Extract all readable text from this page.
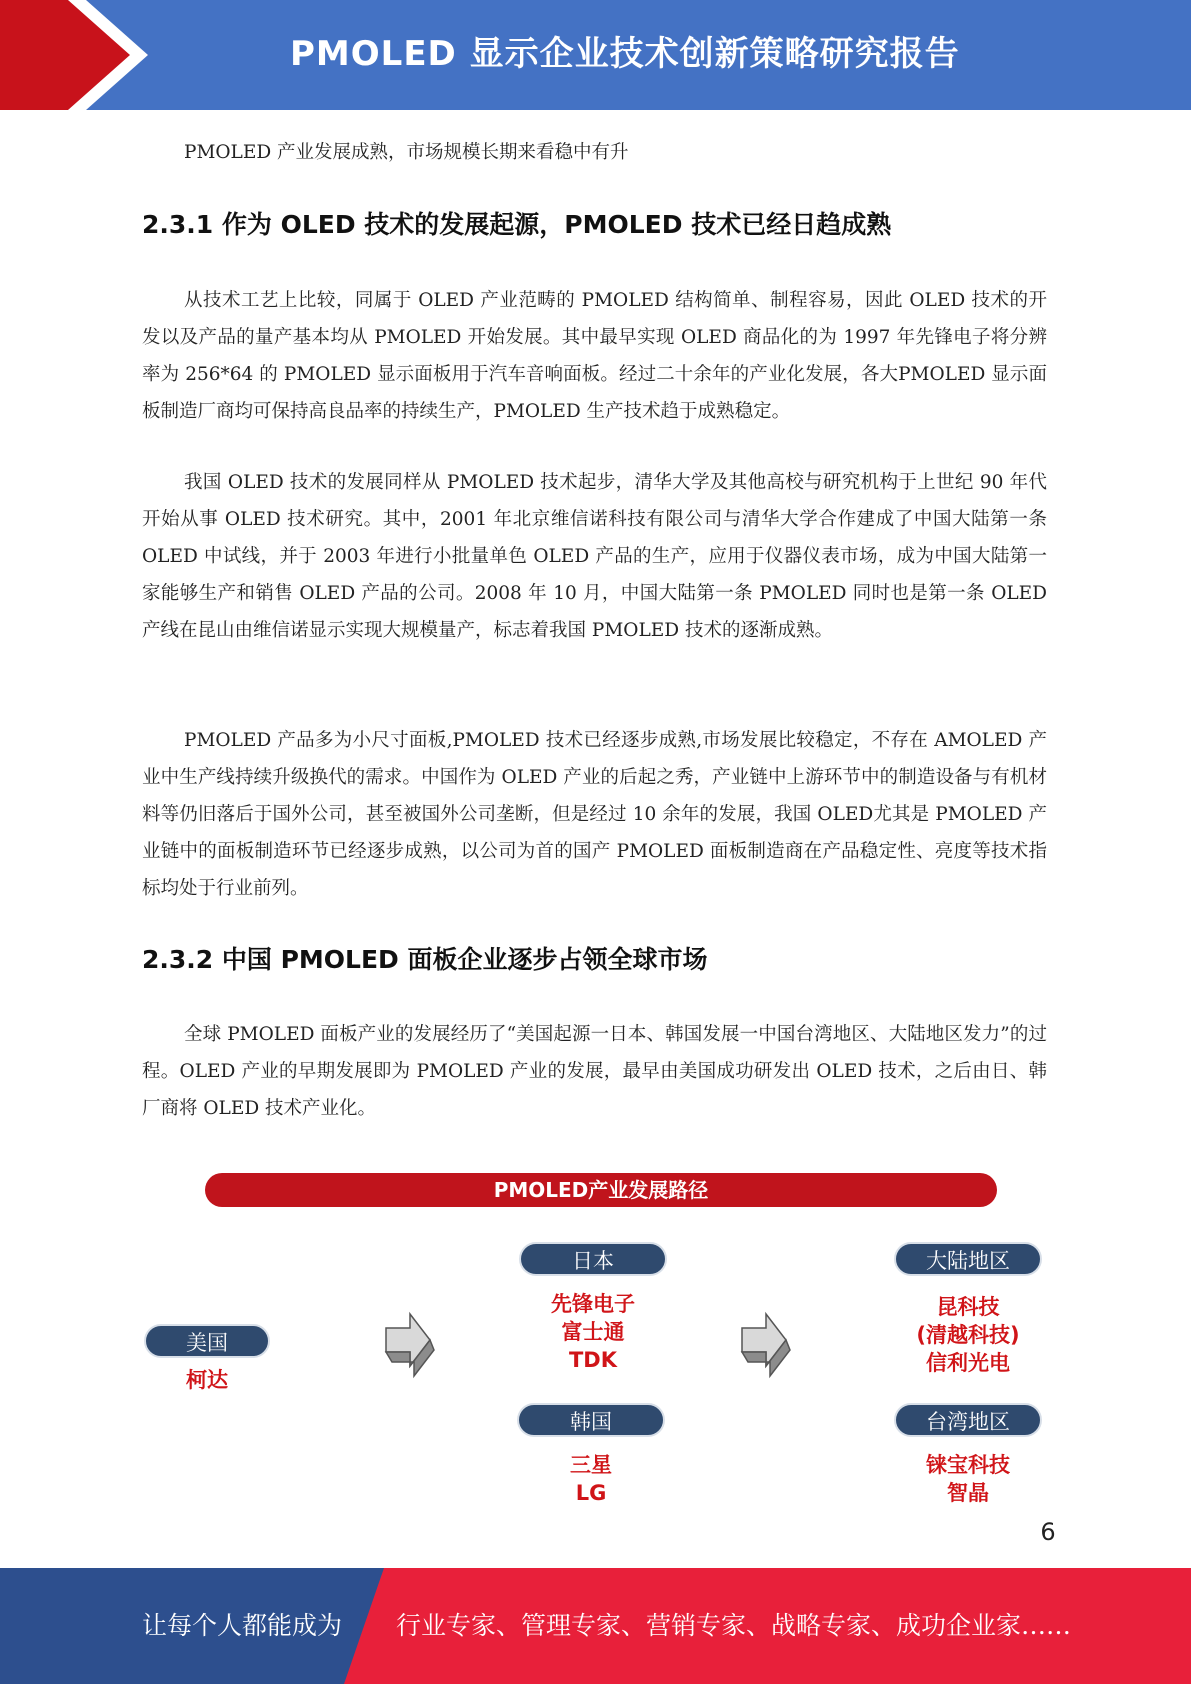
PMOLED 显示企业技术创新策略研究报告
PMOLED 产业发展成熟，市场规模长期来看稳中有升
2.3.1 作为 OLED 技术的发展起源，PMOLED 技术已经日趋成熟
从技术工艺上比较，同属于 OLED 产业范畴的 PMOLED 结构简单、制程容易，因此 OLED 技术的开发以及产品的量产基本均从 PMOLED 开始发展。其中最早实现 OLED 商品化的为 1997 年先锋电子将分辨率为 256*64 的 PMOLED 显示面板用于汽车音响面板。经过二十余年的产业化发展，各大PMOLED 显示面板制造厂商均可保持高良品率的持续生产，PMOLED 生产技术趋于成熟稳定。
我国 OLED 技术的发展同样从 PMOLED 技术起步，清华大学及其他高校与研究机构于上世纪 90 年代开始从事 OLED 技术研究。其中，2001 年北京维信诺科技有限公司与清华大学合作建成了中国大陆第一条 OLED 中试线，并于 2003 年进行小批量单色 OLED 产品的生产，应用于仪器仪表市场，成为中国大陆第一家能够生产和销售 OLED 产品的公司。2008 年 10 月，中国大陆第一条 PMOLED 同时也是第一条 OLED 产线在昆山由维信诺显示实现大规模量产，标志着我国 PMOLED 技术的逐渐成熟。
PMOLED 产品多为小尺寸面板,PMOLED 技术已经逐步成熟,市场发展比较稳定，不存在 AMOLED 产业中生产线持续升级换代的需求。中国作为 OLED 产业的后起之秀，产业链中上游环节中的制造设备与有机材料等仍旧落后于国外公司，甚至被国外公司垄断，但是经过 10 余年的发展，我国 OLED尤其是 PMOLED 产业链中的面板制造环节已经逐步成熟，以公司为首的国产 PMOLED 面板制造商在产品稳定性、亮度等技术指标均处于行业前列。
2.3.2 中国 PMOLED 面板企业逐步占领全球市场
全球 PMOLED 面板产业的发展经历了“美国起源一日本、韩国发展一中国台湾地区、大陆地区发力”的过程。OLED 产业的早期发展即为 PMOLED 产业的发展，最早由美国成功研发出 OLED 技术，之后由日、韩厂商将 OLED 技术产业化。
PMOLED产业发展路径
美国
柯达
日本
先锋电子
富士通
TDK
韩国
三星
LG
大陆地区
昆科技
(清越科技)
信利光电
台湾地区
铼宝科技
智晶
6
让每个人都能成为 行业专家、管理专家、营销专家、战略专家、成功企业家……
